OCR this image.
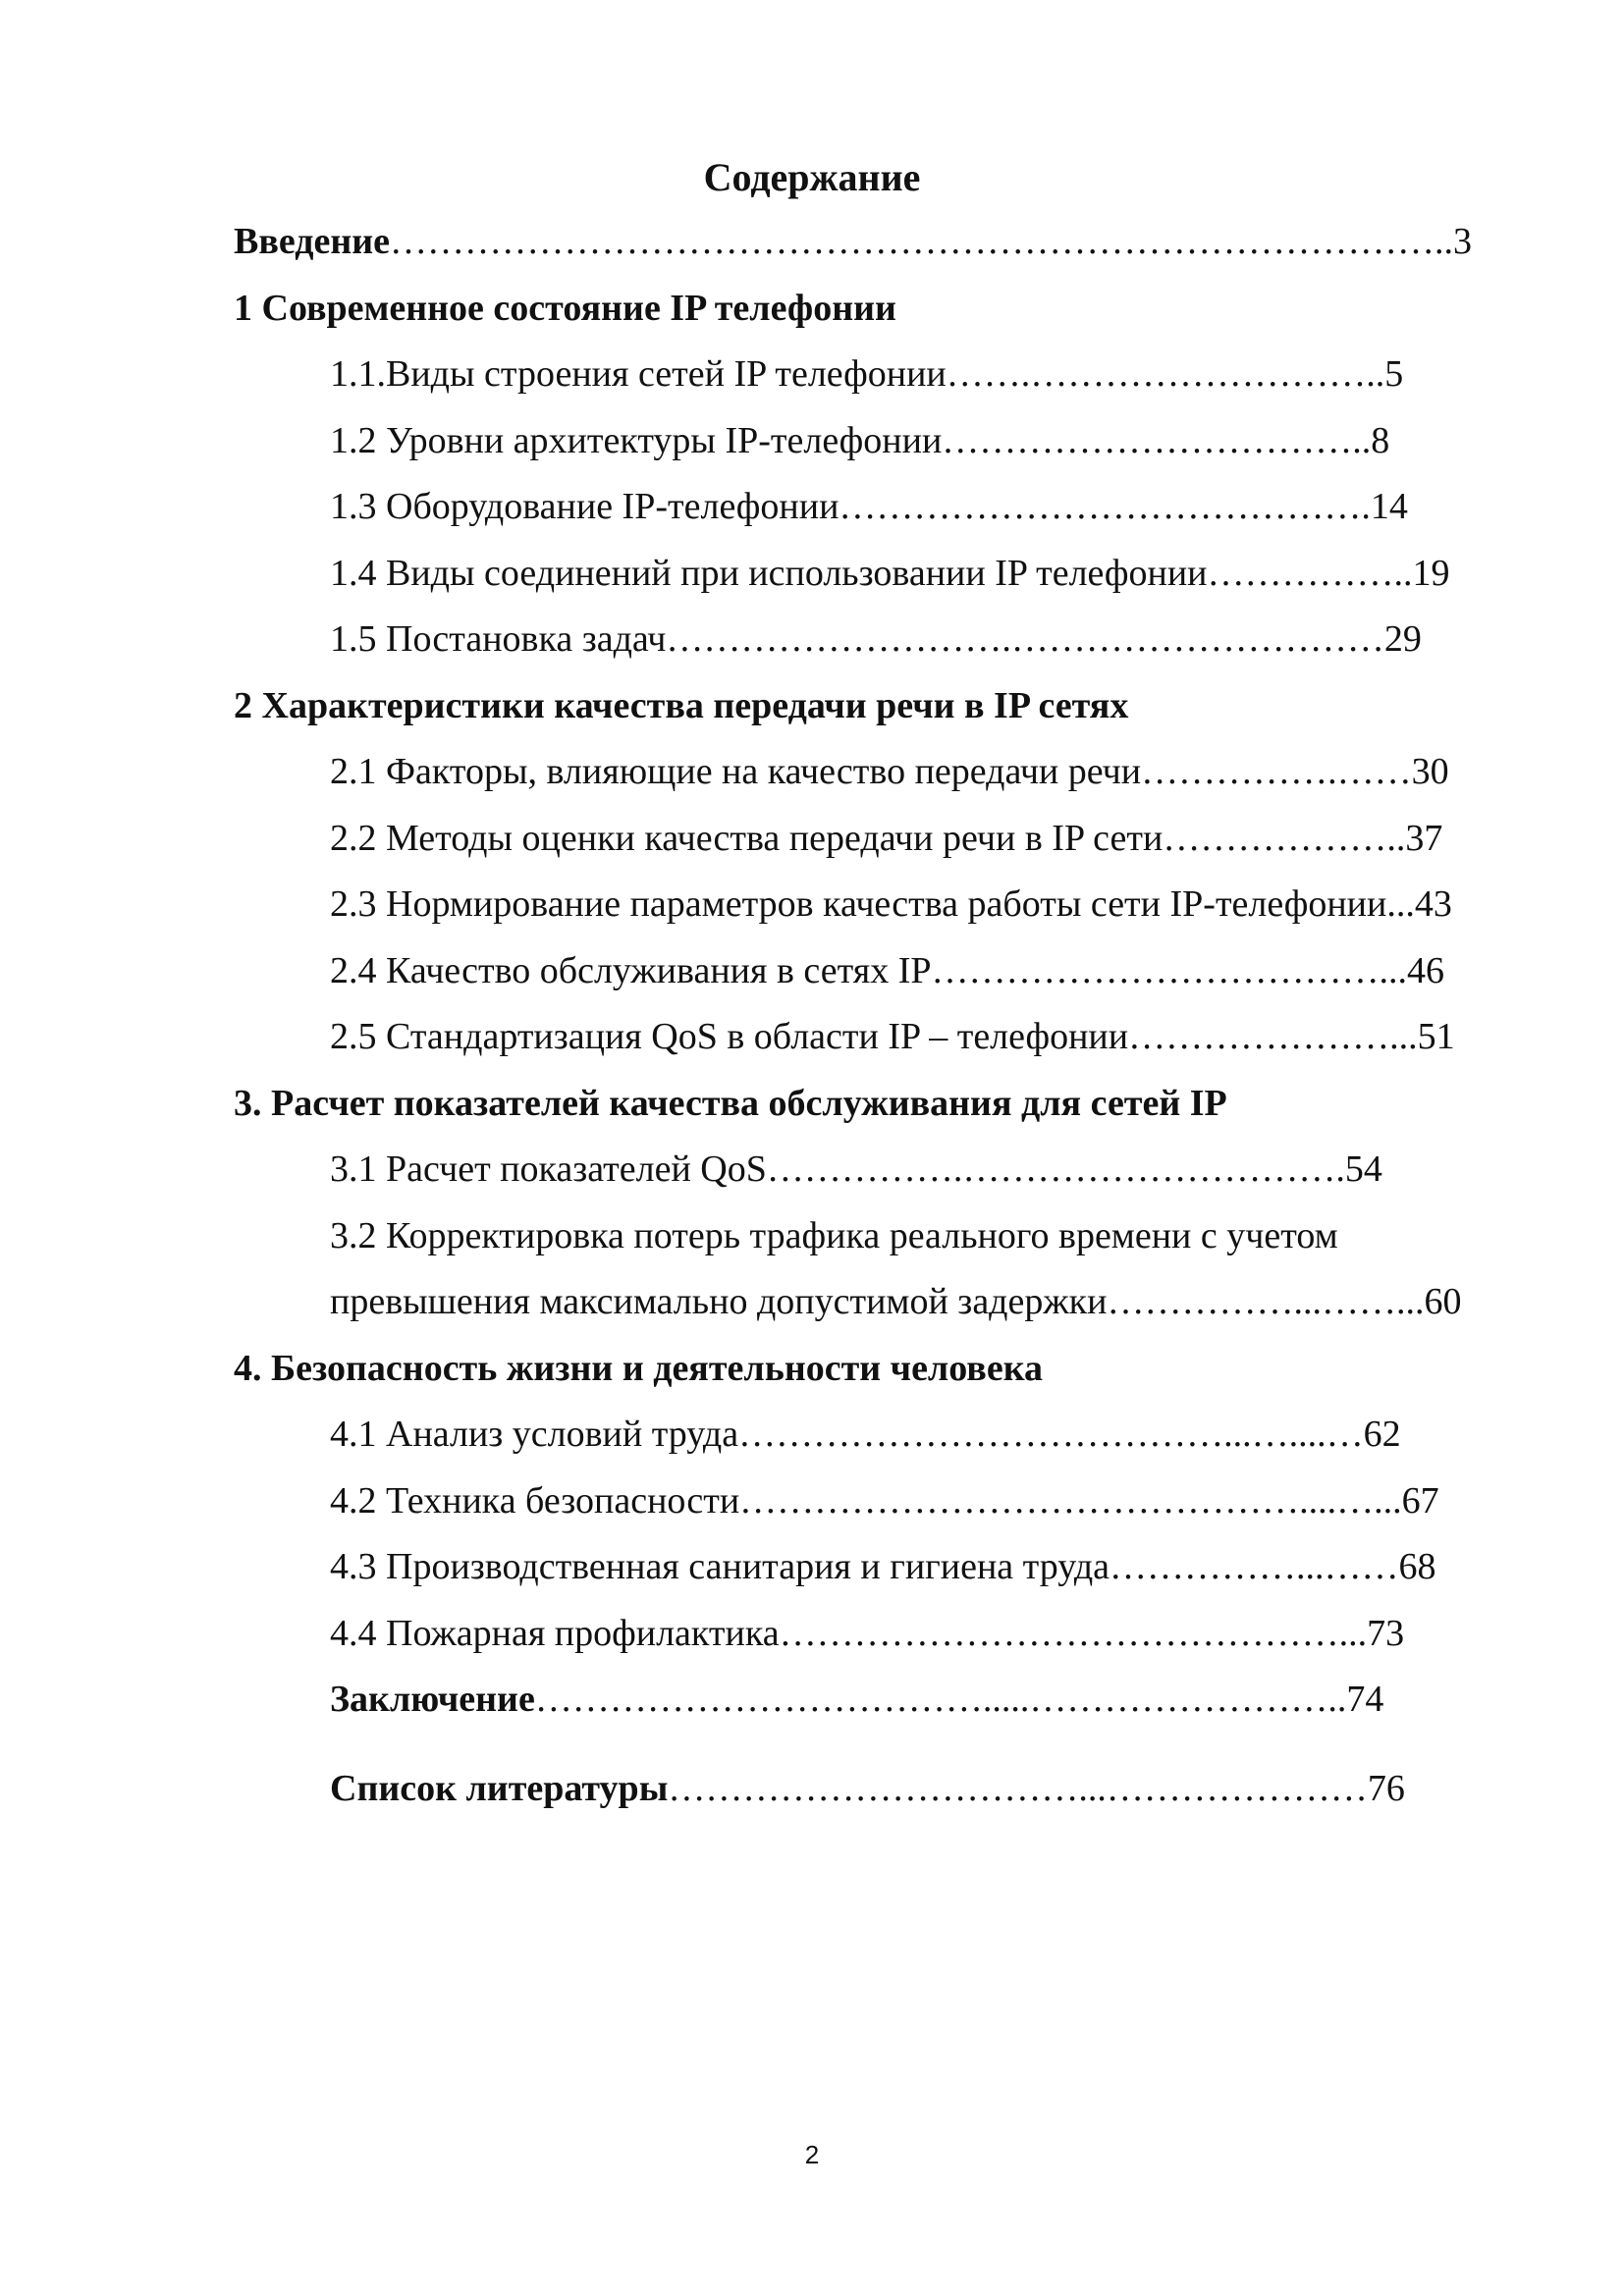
Содержание
Введение…………………………………………………………………………..3
1 Современное состояние IP телефонии
1.1.Виды строения сетей IP телефонии…….………………………..5
1.2 Уровни архитектуры IP-телефонии……………………………..8
1.3 Оборудование IP-телефонии…………………………………….14
1.4 Виды соединений при использовании IP телефонии……………..19
1.5 Постановка задач……………………….…………………………29
2 Характеристики качества передачи речи в IP сетях
2.1 Факторы, влияющие на качество передачи речи…………….……30
2.2 Методы оценки качества передачи речи в IP сети………………..37
2.3 Нормирование параметров качества работы сети IP-телефонии...43
2.4 Качество обслуживания в сетях IP………………………………...46
2.5 Стандартизация QoS в области IP – телефонии…………………...51
3. Расчет показателей качества обслуживания для сетей IP
3.1 Расчет показателей QoS…………….………………………….54
3.2 Корректировка потерь трафика реального времени с учетом
превышения максимально допустимой задержки……………...……...60
4. Безопасность жизни и деятельности человека
4.1 Анализ условий труда…………………………………...…....…62
4.2 Техника безопасности………………………………………....…...67
4.3 Производственная санитария и гигиена труда……………...……68
4.4 Пожарная профилактика………………………………………...73
Заключение……………………………….....……………………..74
Список литературы……………………………...…………………76
2
